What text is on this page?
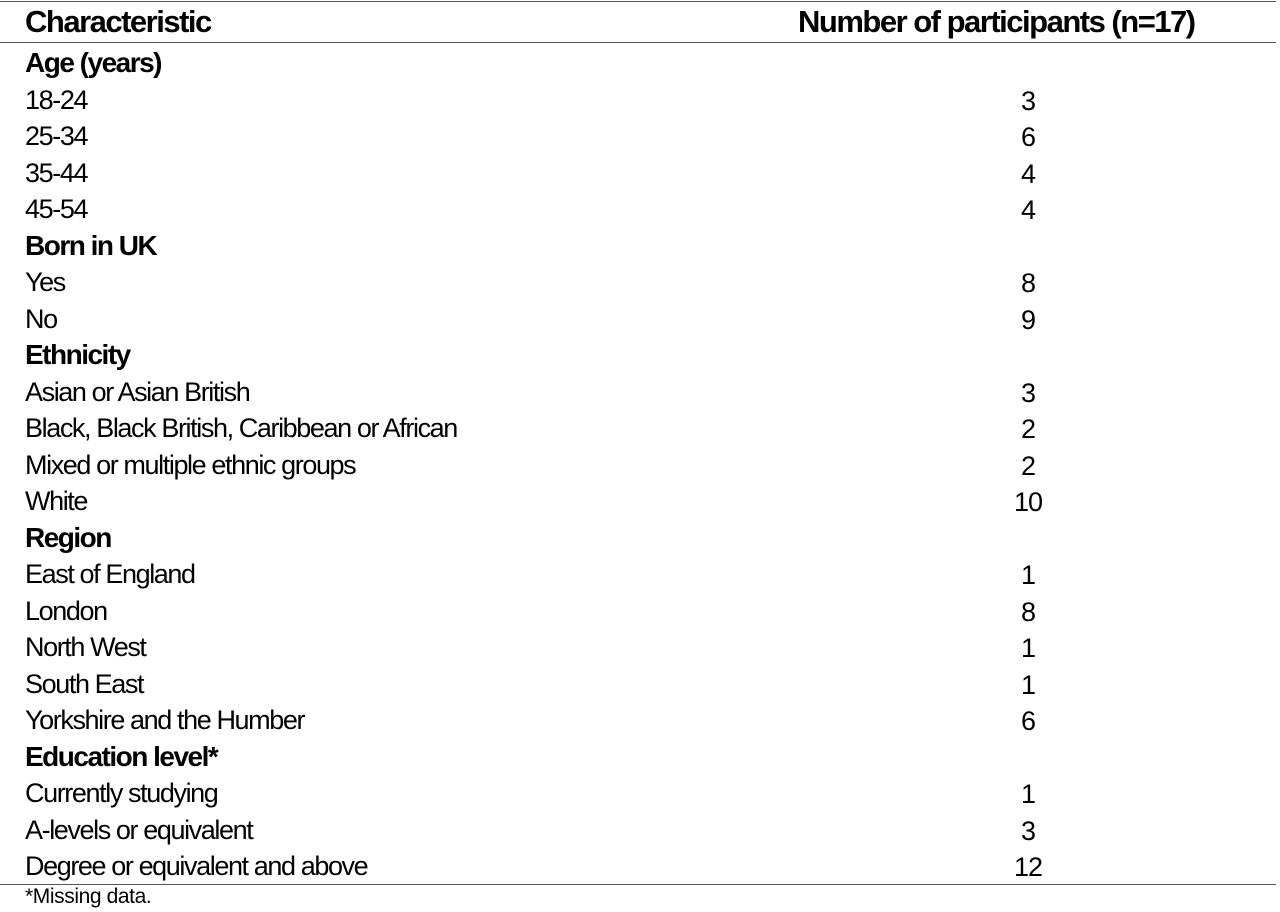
Characteristic	Number of participants (n=17)
Age (years)
18-24	3
25-34	6
35-44	4
45-54	4
Born in UK
Yes	8
No	9
Ethnicity
Asian or Asian British	3
Black, Black British, Caribbean or African	2
Mixed or multiple ethnic groups	2
White	10
Region
East of England	1
London	8
North West	1
South East	1
Yorkshire and the Humber	6
Education level*
Currently studying	1
A-levels or equivalent	3
Degree or equivalent and above	12
*Missing data.
